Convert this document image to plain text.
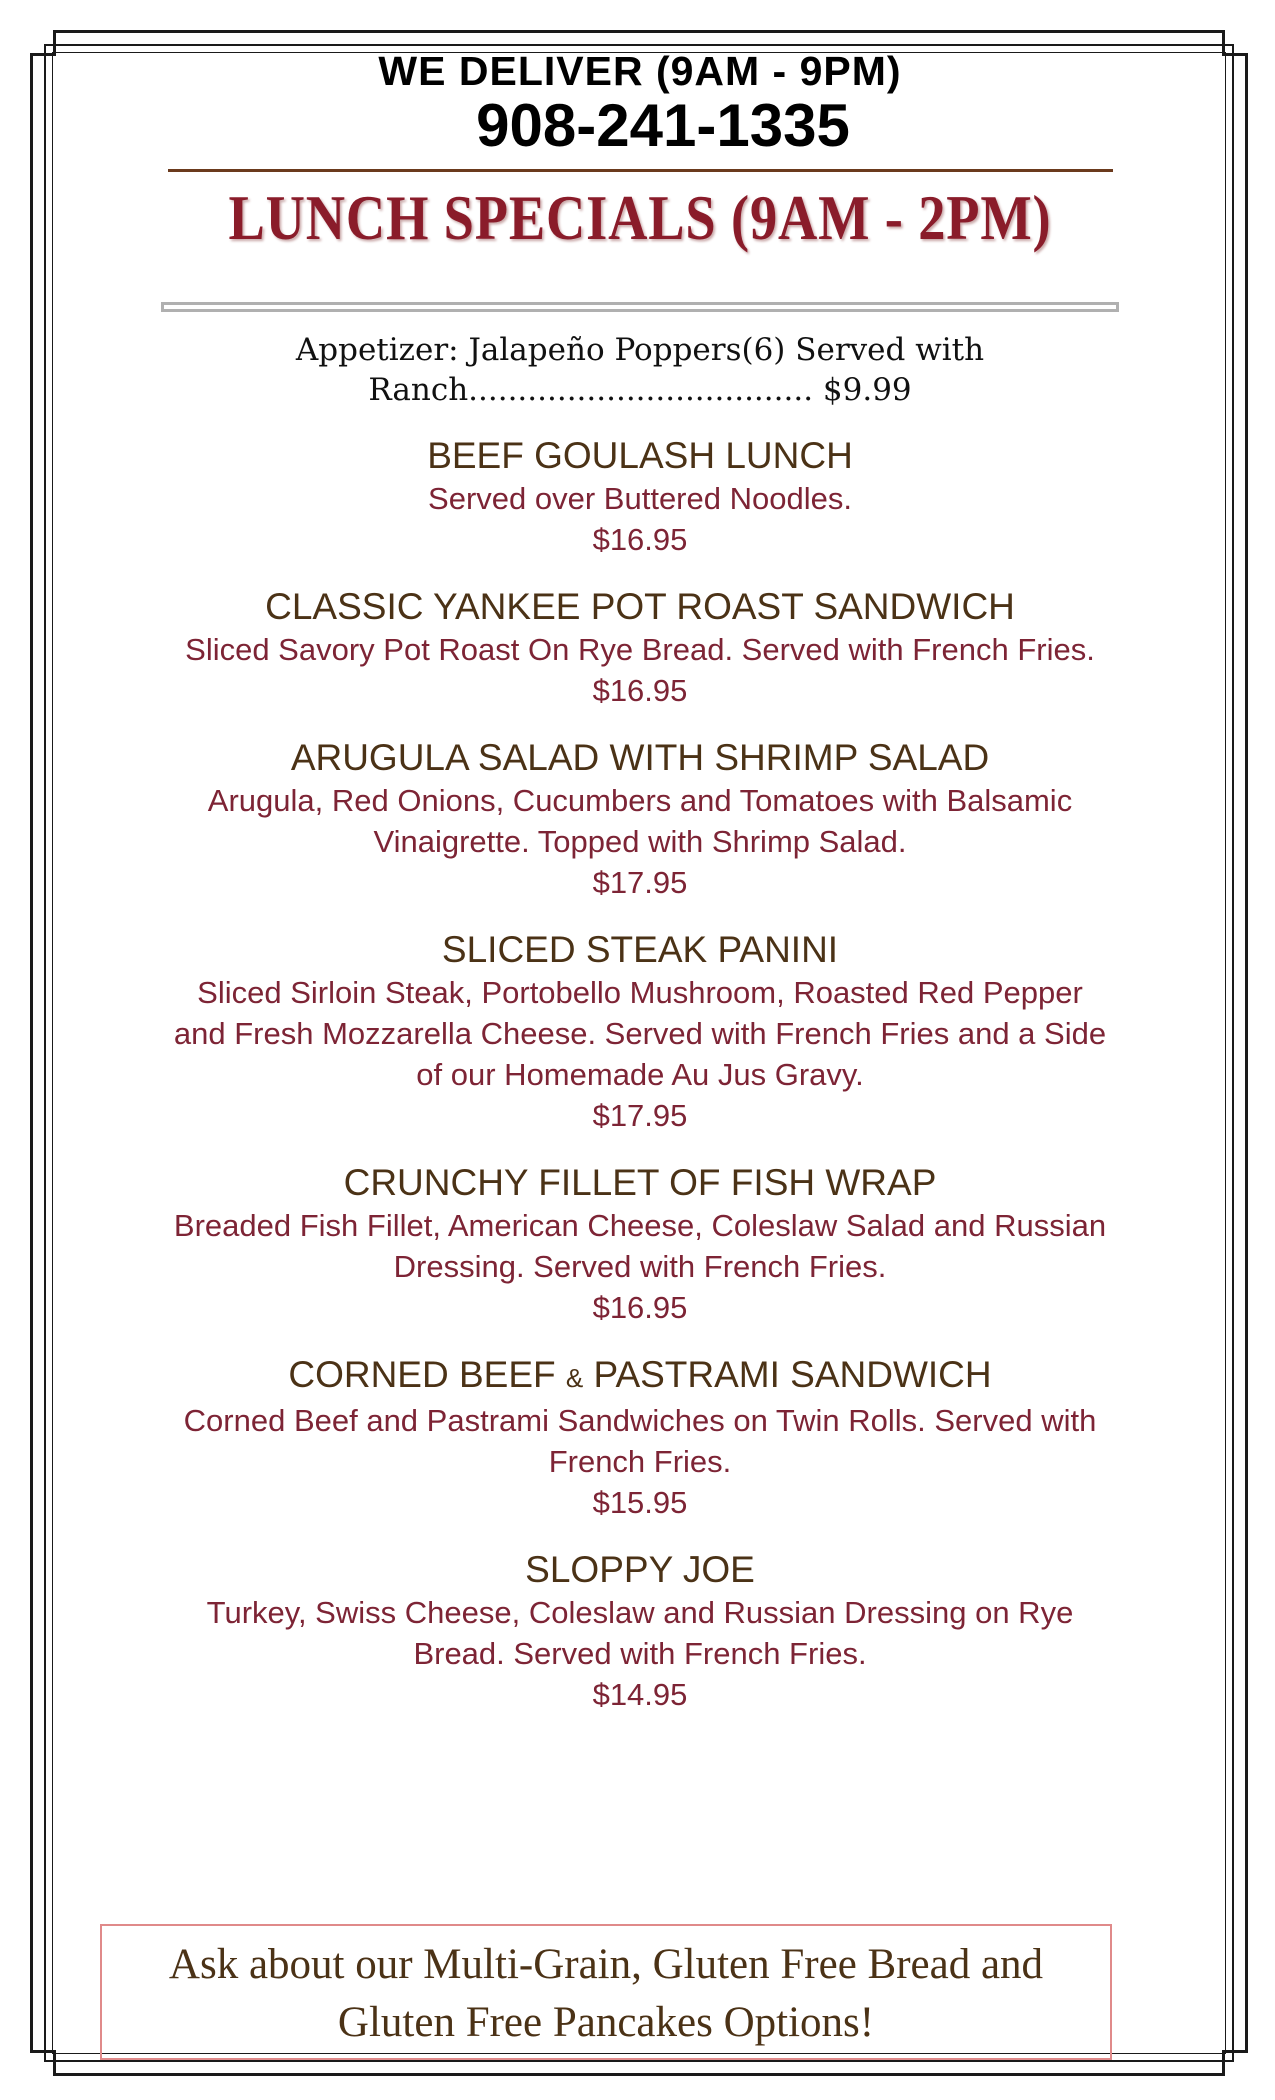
WE DELIVER (9AM - 9PM)
908-241-1335
LUNCH SPECIALS (9AM - 2PM)
Appetizer: Jalapeño Poppers(6) Served with
Ranch................................... $9.99
BEEF GOULASH LUNCH
Served over Buttered Noodles.
$16.95
CLASSIC YANKEE POT ROAST SANDWICH
Sliced Savory Pot Roast On Rye Bread. Served with French Fries.
$16.95
ARUGULA SALAD WITH SHRIMP SALAD
Arugula, Red Onions, Cucumbers and Tomatoes with Balsamic Vinaigrette. Topped with Shrimp Salad.
$17.95
SLICED STEAK PANINI
Sliced Sirloin Steak, Portobello Mushroom, Roasted Red Pepper and Fresh Mozzarella Cheese. Served with French Fries and a Side of our Homemade Au Jus Gravy.
$17.95
CRUNCHY FILLET OF FISH WRAP
Breaded Fish Fillet, American Cheese, Coleslaw Salad and Russian Dressing. Served with French Fries.
$16.95
CORNED BEEF & PASTRAMI SANDWICH
Corned Beef and Pastrami Sandwiches on Twin Rolls. Served with French Fries.
$15.95
SLOPPY JOE
Turkey, Swiss Cheese, Coleslaw and Russian Dressing on Rye Bread. Served with French Fries.
$14.95
Ask about our Multi-Grain, Gluten Free Bread and
Gluten Free Pancakes Options!
